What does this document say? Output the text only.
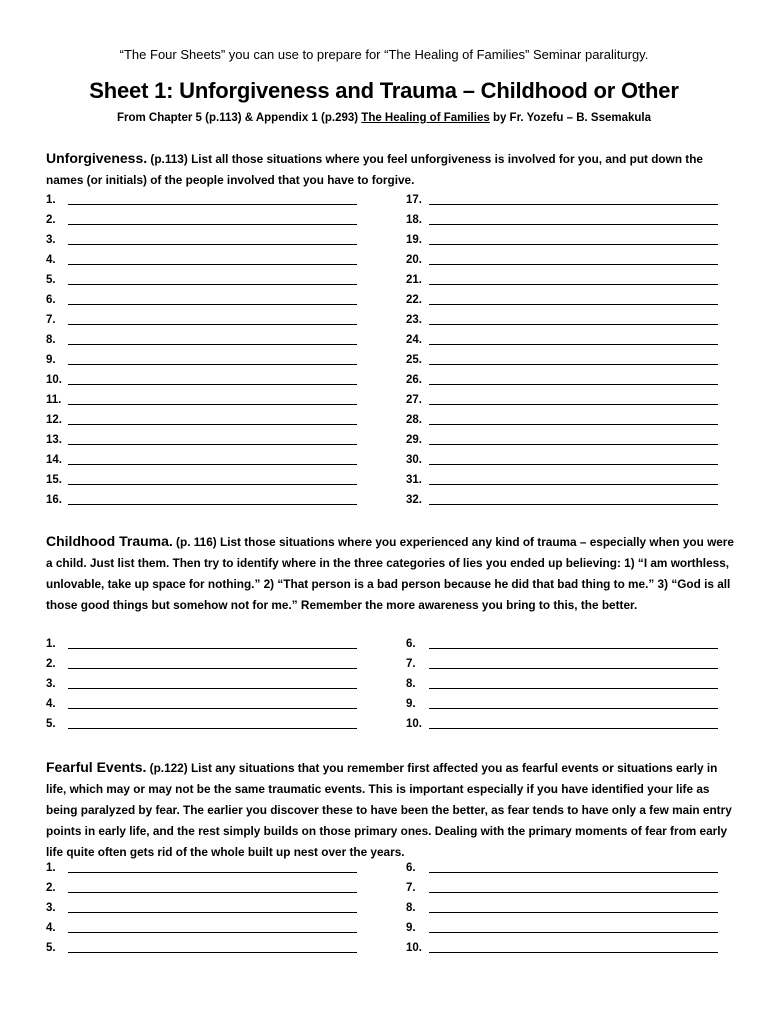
“The Four Sheets” you can use to prepare for “The Healing of Families” Seminar paraliturgy.
Sheet 1: Unforgiveness and Trauma – Childhood or Other
From Chapter 5 (p.113) & Appendix 1 (p.293) The Healing of Families by Fr. Yozefu – B. Ssemakula
Unforgiveness. (p.113) List all those situations where you feel unforgiveness is involved for you, and put down the names (or initials) of the people involved that you have to forgive.
1.
2.
3.
4.
5.
6.
7.
8.
9.
10.
11.
12.
13.
14.
15.
16.
17.
18.
19.
20.
21.
22.
23.
24.
25.
26.
27.
28.
29.
30.
31.
32.
Childhood Trauma. (p. 116) List those situations where you experienced any kind of trauma – especially when you were a child. Just list them. Then try to identify where in the three categories of lies you ended up believing: 1) “I am worthless, unlovable, take up space for nothing.” 2) “That person is a bad person because he did that bad thing to me.” 3) “God is all those good things but somehow not for me.” Remember the more awareness you bring to this, the better.
1.
2.
3.
4.
5.
6.
7.
8.
9.
10.
Fearful Events. (p.122) List any situations that you remember first affected you as fearful events or situations early in life, which may or may not be the same traumatic events. This is important especially if you have identified your life as being paralyzed by fear. The earlier you discover these to have been the better, as fear tends to have only a few main entry points in early life, and the rest simply builds on those primary ones. Dealing with the primary moments of fear from early life quite often gets rid of the whole built up nest over the years.
1.
2.
3.
4.
5.
6.
7.
8.
9.
10.
